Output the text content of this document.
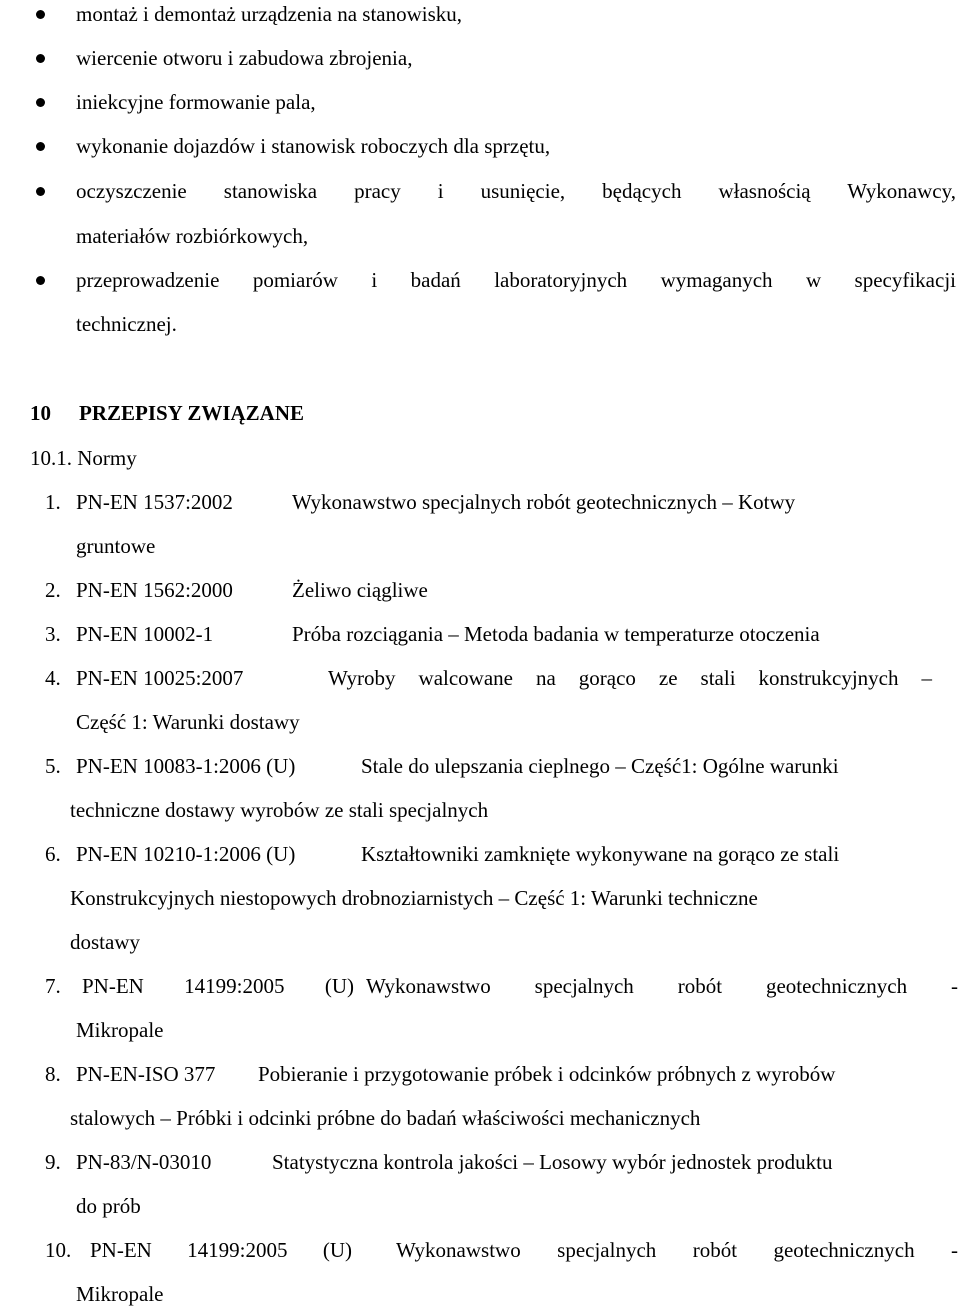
montaż i demontaż urządzenia na stanowisku,
wiercenie otworu i zabudowa zbrojenia,
iniekcyjne formowanie pala,
wykonanie dojazdów i stanowisk roboczych dla sprzętu,
oczyszczenie stanowiska pracy i usunięcie, będących własnością Wykonawcy,
materiałów rozbiórkowych,
przeprowadzenie pomiarów i badań laboratoryjnych wymaganych w specyfikacji
technicznej.
10 PRZEPISY ZWIĄZANE
10.1. Normy
1. PN-EN 1537:2002	Wykonawstwo specjalnych robót geotechnicznych – Kotwy
gruntowe
2. PN-EN 1562:2000	Żeliwo ciągliwe
3. PN-EN 10002-1	Próba rozciągania – Metoda badania w temperaturze otoczenia
4. PN-EN 10025:2007	Wyroby walcowane na gorąco ze stali konstrukcyjnych –
Część 1: Warunki dostawy
5. PN-EN 10083-1:2006 (U)	Stale do ulepszania cieplnego – Część1: Ogólne warunki
techniczne dostawy wyrobów ze stali specjalnych
6. PN-EN 10210-1:2006 (U)	Kształtowniki zamknięte wykonywane na gorąco ze stali
Konstrukcyjnych niestopowych drobnoziarnistych – Część 1: Warunki techniczne
dostawy
7. PN-EN 14199:2005 (U) Wykonawstwo specjalnych robót geotechnicznych -
Mikropale
8. PN-EN-ISO 377 Pobieranie i przygotowanie próbek i odcinków próbnych z wyrobów
stalowych – Próbki i odcinki próbne do badań właściwości mechanicznych
9. PN-83/N-03010	Statystyczna kontrola jakości – Losowy wybór jednostek produktu
do prób
10. PN-EN 14199:2005 (U) Wykonawstwo specjalnych robót geotechnicznych -
Mikropale
